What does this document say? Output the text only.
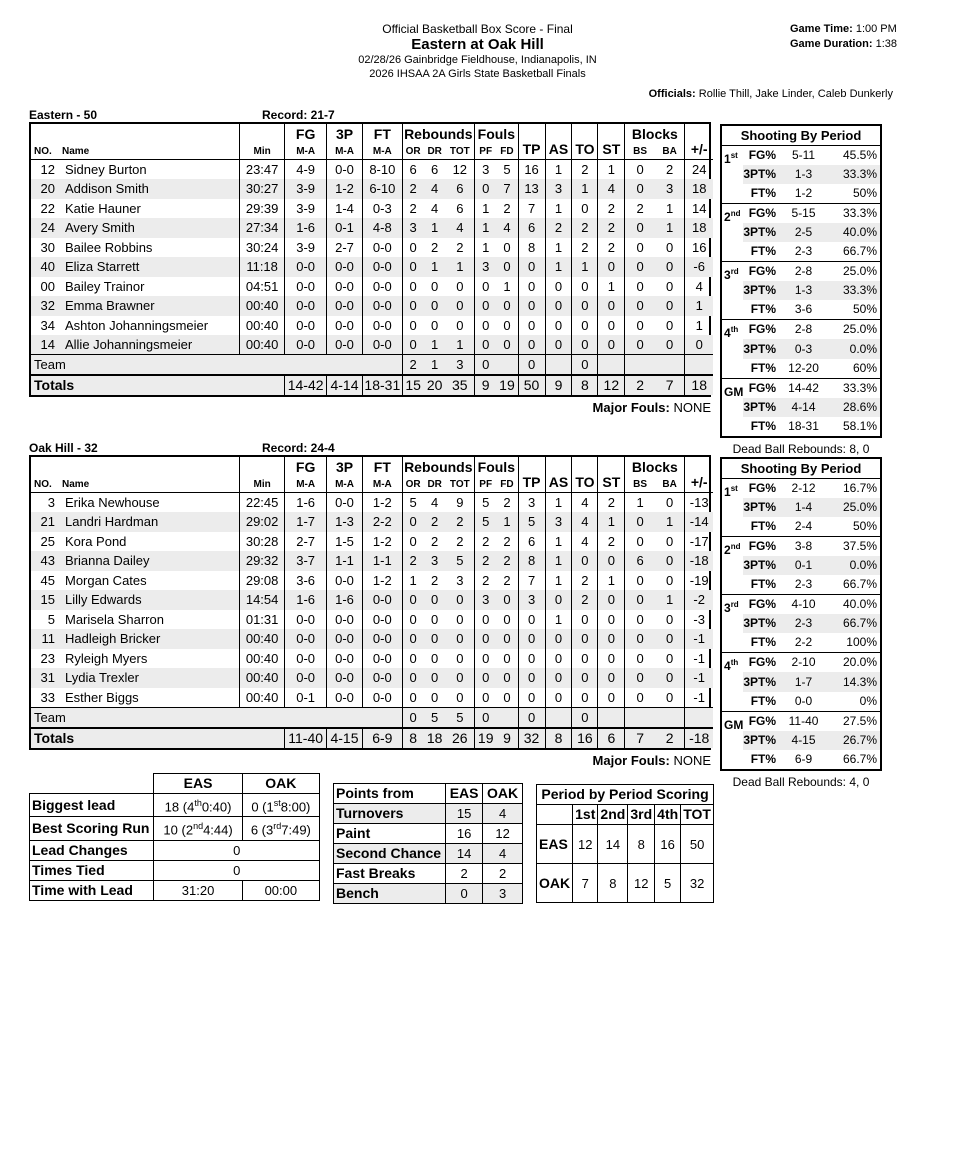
Official Basketball Box Score - Final
Eastern at Oak Hill
02/28/26 Gainbridge Fieldhouse, Indianapolis, IN
2026 IHSAA 2A Girls State Basketball Finals
Game Time: 1:00 PM
Game Duration: 1:38
Officials: Rollie Thill, Jake Linder, Caleb Dunkerly
Eastern - 50	Record: 21-7
			FG	3P	FT	Rebounds			Fouls		TP	AS	TO	ST	Blocks		+/-
NO.	Name	Min	M-A	M-A	M-A	OR	DR	TOT	PF	FD					BS	BA	
12	Sidney Burton	23:47	4-9	0-0	8-10	6	6	12	3	5	16	1	2	1	0	2	24
20	Addison Smith	30:27	3-9	1-2	6-10	2	4	6	0	7	13	3	1	4	0	3	18
22	Katie Hauner	29:39	3-9	1-4	0-3	2	4	6	1	2	7	1	0	2	2	1	14
24	Avery Smith	27:34	1-6	0-1	4-8	3	1	4	1	4	6	2	2	2	0	1	18
30	Bailee Robbins	30:24	3-9	2-7	0-0	0	2	2	1	0	8	1	2	2	0	0	16
40	Eliza Starrett	11:18	0-0	0-0	0-0	0	1	1	3	0	0	1	1	0	0	0	-6
00	Bailey Trainor	04:51	0-0	0-0	0-0	0	0	0	0	1	0	0	0	1	0	0	4
32	Emma Brawner	00:40	0-0	0-0	0-0	0	0	0	0	0	0	0	0	0	0	0	1
34	Ashton Johanningsmeier	00:40	0-0	0-0	0-0	0	0	0	0	0	0	0	0	0	0	0	1
14	Allie Johanningsmeier	00:40	0-0	0-0	0-0	0	1	1	0	0	0	0	0	0	0	0	0
Team						2	1	3	0		0		0				
Totals			14-42	4-14	18-31	15	20	35	9	19	50	9	8	12	2	7	18
Major Fouls: NONE
Shooting By Period			
1st	FG%	5-11	45.5%
	3PT%	1-3	33.3%
	FT%	1-2	50%
2nd	FG%	5-15	33.3%
	3PT%	2-5	40.0%
	FT%	2-3	66.7%
3rd	FG%	2-8	25.0%
	3PT%	1-3	33.3%
	FT%	3-6	50%
4th	FG%	2-8	25.0%
	3PT%	0-3	0.0%
	FT%	12-20	60%
GM	FG%	14-42	33.3%
	3PT%	4-14	28.6%
	FT%	18-31	58.1%
Dead Ball Rebounds: 8, 0
Oak Hill - 32	Record: 24-4
			FG	3P	FT	Rebounds			Fouls		TP	AS	TO	ST	Blocks		+/-
NO.	Name	Min	M-A	M-A	M-A	OR	DR	TOT	PF	FD					BS	BA	
3	Erika Newhouse	22:45	1-6	0-0	1-2	5	4	9	5	2	3	1	4	2	1	0	-13
21	Landri Hardman	29:02	1-7	1-3	2-2	0	2	2	5	1	5	3	4	1	0	1	-14
25	Kora Pond	30:28	2-7	1-5	1-2	0	2	2	2	2	6	1	4	2	0	0	-17
43	Brianna Dailey	29:32	3-7	1-1	1-1	2	3	5	2	2	8	1	0	0	6	0	-18
45	Morgan Cates	29:08	3-6	0-0	1-2	1	2	3	2	2	7	1	2	1	0	0	-19
15	Lilly Edwards	14:54	1-6	1-6	0-0	0	0	0	3	0	3	0	2	0	0	1	-2
5	Marisela Sharron	01:31	0-0	0-0	0-0	0	0	0	0	0	0	1	0	0	0	0	-3
11	Hadleigh Bricker	00:40	0-0	0-0	0-0	0	0	0	0	0	0	0	0	0	0	0	-1
23	Ryleigh Myers	00:40	0-0	0-0	0-0	0	0	0	0	0	0	0	0	0	0	0	-1
31	Lydia Trexler	00:40	0-0	0-0	0-0	0	0	0	0	0	0	0	0	0	0	0	-1
33	Esther Biggs	00:40	0-1	0-0	0-0	0	0	0	0	0	0	0	0	0	0	0	-1
Team						0	5	5	0		0		0				
Totals			11-40	4-15	6-9	8	18	26	19	9	32	8	16	6	7	2	-18
Major Fouls: NONE
Shooting By Period			
1st	FG%	2-12	16.7%
	3PT%	1-4	25.0%
	FT%	2-4	50%
2nd	FG%	3-8	37.5%
	3PT%	0-1	0.0%
	FT%	2-3	66.7%
3rd	FG%	4-10	40.0%
	3PT%	2-3	66.7%
	FT%	2-2	100%
4th	FG%	2-10	20.0%
	3PT%	1-7	14.3%
	FT%	0-0	0%
GM	FG%	11-40	27.5%
	3PT%	4-15	26.7%
	FT%	6-9	66.7%
Dead Ball Rebounds: 4, 0
	EAS	OAK
Biggest lead	18 (4th0:40)	0 (1st8:00)
Best Scoring Run	10 (2nd4:44)	6 (3rd7:49)
Lead Changes	0	
Times Tied	0	
Time with Lead	31:20	00:00
Points from	EAS	OAK
Turnovers	15	4
Paint	16	12
Second Chance	14	4
Fast Breaks	2	2
Bench	0	3
Period by Period Scoring					
	1st	2nd	3rd	4th	TOT
EAS	12	14	8	16	50
OAK	7	8	12	5	32
